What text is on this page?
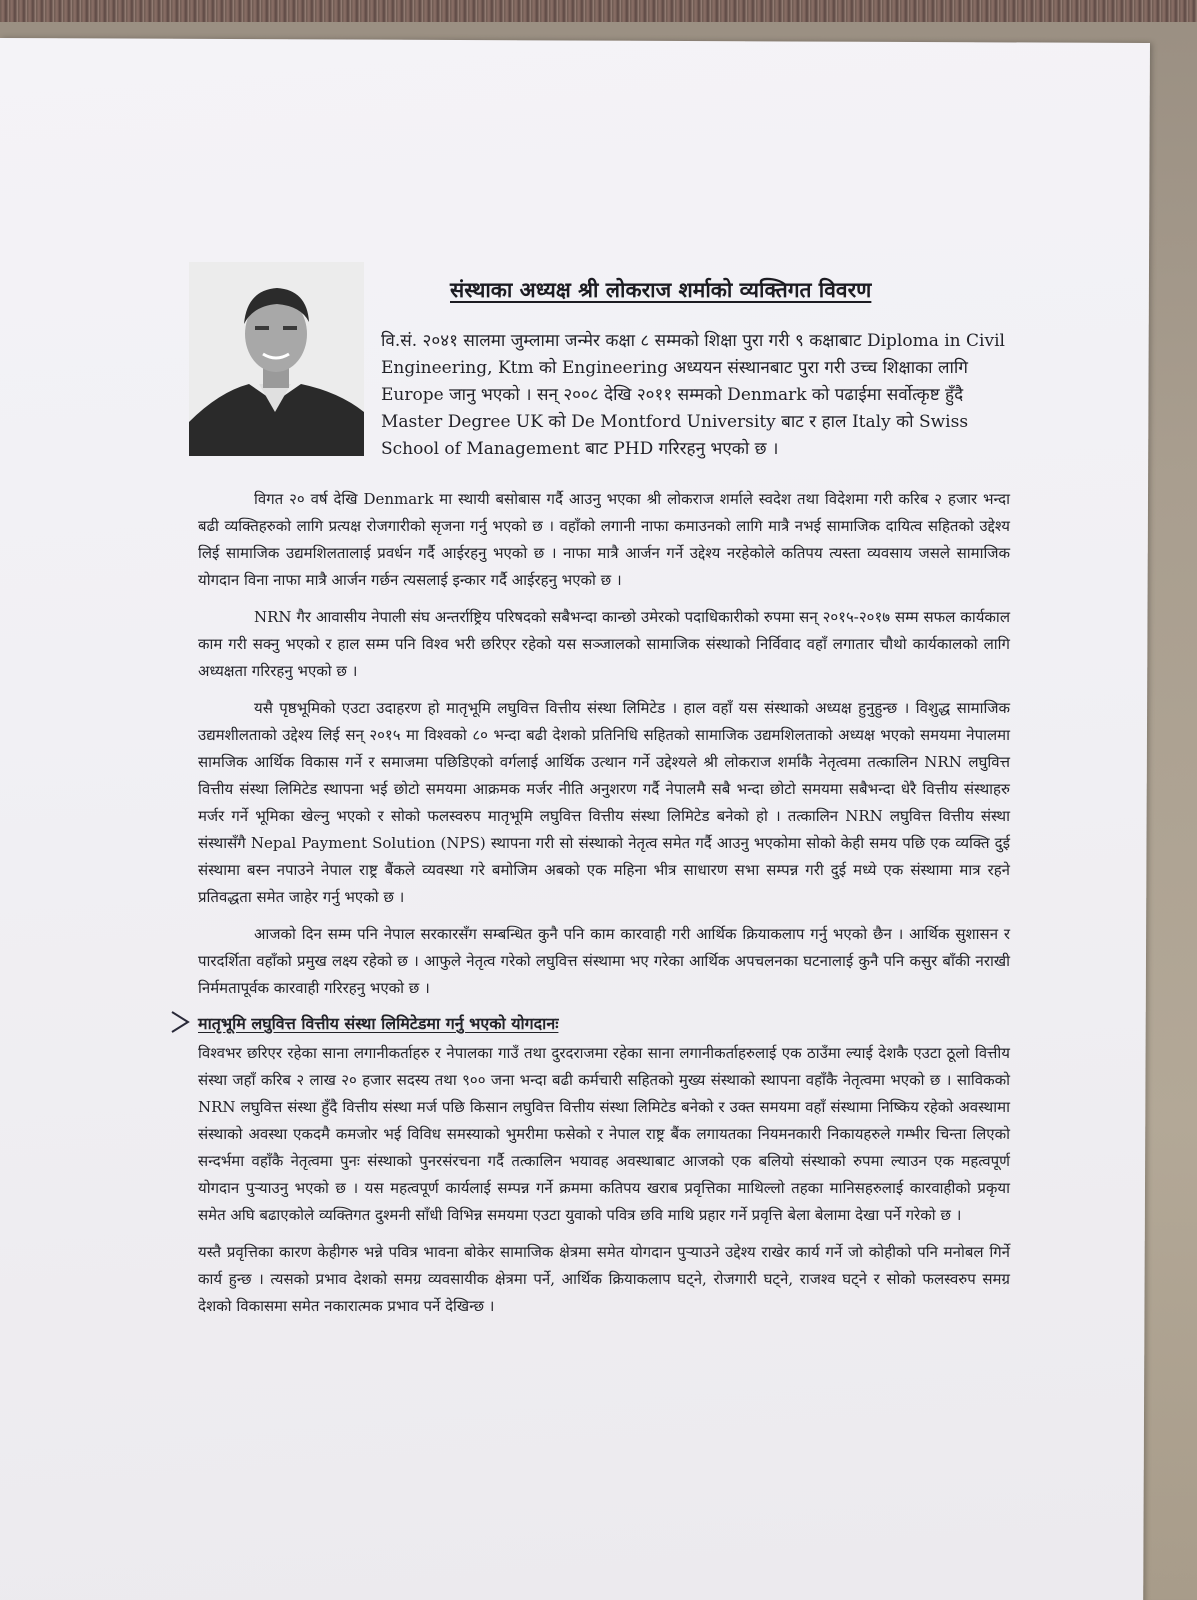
संस्थाका अध्यक्ष श्री लोकराज शर्माको व्यक्तिगत विवरण
वि.सं. २०४१ सालमा जुम्लामा जन्मेर कक्षा ८ सम्मको शिक्षा पुरा गरी ९ कक्षाबाट Diploma in Civil Engineering, Ktm को Engineering अध्ययन संस्थानबाट पुरा गरी उच्च शिक्षाका लागि Europe जानु भएको । सन् २००८ देखि २०११ सम्मको Denmark को पढाईमा सर्वोत्कृष्ट हुँदै Master Degree UK को De Montford University बाट र हाल Italy को Swiss School of Management बाट PHD गरिरहनु भएको छ ।

विगत २० वर्ष देखि Denmark मा स्थायी बसोबास गर्दै आउनु भएका श्री लोकराज शर्माले स्वदेश तथा विदेशमा गरी करिब २ हजार भन्दा बढी व्यक्तिहरुको लागि प्रत्यक्ष रोजगारीको सृजना गर्नु भएको छ । वहाँको लगानी नाफा कमाउनको लागि मात्रै नभई सामाजिक दायित्व सहितको उद्देश्य लिई सामाजिक उद्यमशिलतालाई प्रवर्धन गर्दै आईरहनु भएको छ । नाफा मात्रै आर्जन गर्ने उद्देश्य नरहेकोले कतिपय त्यस्ता व्यवसाय जसले सामाजिक योगदान विना नाफा मात्रै आर्जन गर्छन त्यसलाई इन्कार गर्दै आईरहनु भएको छ ।

NRN गैर आवासीय नेपाली संघ अन्तर्राष्ट्रिय परिषदको सबैभन्दा कान्छो उमेरको पदाधिकारीको रुपमा सन् २०१५-२०१७ सम्म सफल कार्यकाल काम गरी सक्नु भएको र हाल सम्म पनि विश्व भरी छरिएर रहेको यस सञ्जालको सामाजिक संस्थाको निर्विवाद वहाँ लगातार चौथो कार्यकालको लागि अध्यक्षता गरिरहनु भएको छ ।

यसै पृष्ठभूमिको एउटा उदाहरण हो मातृभूमि लघुवित्त वित्तीय संस्था लिमिटेड । हाल वहाँ यस संस्थाको अध्यक्ष हुनुहुन्छ । विशुद्ध सामाजिक उद्यमशीलताको उद्देश्य लिई सन् २०१५ मा विश्वको ८० भन्दा बढी देशको प्रतिनिधि सहितको सामाजिक उद्यमशिलताको अध्यक्ष भएको समयमा नेपालमा सामजिक आर्थिक विकास गर्ने र समाजमा पछिडिएको वर्गलाई आर्थिक उत्थान गर्ने उद्देश्यले श्री लोकराज शर्माकै नेतृत्वमा तत्कालिन NRN लघुवित्त वित्तीय संस्था लिमिटेड स्थापना भई छोटो समयमा आक्रमक मर्जर नीति अनुशरण गर्दै नेपालमै सबै भन्दा छोटो समयमा सबैभन्दा धेरै वित्तीय संस्थाहरु मर्जर गर्ने भूमिका खेल्नु भएको र सोको फलस्वरुप मातृभूमि लघुवित्त वित्तीय संस्था लिमिटेड बनेको हो । तत्कालिन NRN लघुवित्त वित्तीय संस्था संस्थासँगै Nepal Payment Solution (NPS) स्थापना गरी सो संस्थाको नेतृत्व समेत गर्दै आउनु भएकोमा सोको केही समय पछि एक व्यक्ति दुई संस्थामा बस्न नपाउने नेपाल राष्ट्र बैंकले व्यवस्था गरे बमोजिम अबको एक महिना भीत्र साधारण सभा सम्पन्न गरी दुई मध्ये एक संस्थामा मात्र रहने प्रतिवद्धता समेत जाहेर गर्नु भएको छ ।

आजको दिन सम्म पनि नेपाल सरकारसँग सम्बन्धित कुनै पनि काम कारवाही गरी आर्थिक क्रियाकलाप गर्नु भएको छैन । आर्थिक सुशासन र पारदर्शिता वहाँको प्रमुख लक्ष्य रहेको छ । आफुले नेतृत्व गरेको लघुवित्त संस्थामा भए गरेका आर्थिक अपचलनका घटनालाई कुनै पनि कसुर बाँकी नराखी निर्ममतापूर्वक कारवाही गरिरहनु भएको छ ।

मातृभूमि लघुवित्त वित्तीय संस्था लिमिटेडमा गर्नु भएको योगदानः

विश्वभर छरिएर रहेका साना लगानीकर्ताहरु र नेपालका गाउँ तथा दुरदराजमा रहेका साना लगानीकर्ताहरुलाई एक ठाउँमा ल्याई देशकै एउटा ठूलो वित्तीय संस्था जहाँ करिब २ लाख २० हजार सदस्य तथा ९०० जना भन्दा बढी कर्मचारी सहितको मुख्य संस्थाको स्थापना वहाँकै नेतृत्वमा भएको छ । साविकको NRN लघुवित्त संस्था हुँदै वित्तीय संस्था मर्ज पछि किसान लघुवित्त वित्तीय संस्था लिमिटेड बनेको र उक्त समयमा वहाँ संस्थामा निष्किय रहेको अवस्थामा संस्थाको अवस्था एकदमै कमजोर भई विविध समस्याको भुमरीमा फसेको र नेपाल राष्ट्र बैंक लगायतका नियमनकारी निकायहरुले गम्भीर चिन्ता लिएको सन्दर्भमा वहाँकै नेतृत्वमा पुनः संस्थाको पुनरसंरचना गर्दै तत्कालिन भयावह अवस्थाबाट आजको एक बलियो संस्थाको रुपमा ल्याउन एक महत्वपूर्ण योगदान पुर्‍याउनु भएको छ । यस महत्वपूर्ण कार्यलाई सम्पन्न गर्ने क्रममा कतिपय खराब प्रवृत्तिका माथिल्लो तहका मानिसहरुलाई कारवाहीको प्रकृया समेत अघि बढाएकोले व्यक्तिगत दुश्मनी साँधी विभिन्न समयमा एउटा युवाको पवित्र छवि माथि प्रहार गर्ने प्रवृत्ति बेला बेलामा देखा पर्ने गरेको छ ।

यस्तै प्रवृत्तिका कारण केहीगरु भन्ने पवित्र भावना बोकेर सामाजिक क्षेत्रमा समेत योगदान पुर्‍याउने उद्देश्य राखेर कार्य गर्ने जो कोहीको पनि मनोबल गिर्ने कार्य हुन्छ । त्यसको प्रभाव देशको समग्र व्यवसायीक क्षेत्रमा पर्ने, आर्थिक क्रियाकलाप घट्ने, रोजगारी घट्ने, राजश्व घट्ने र सोको फलस्वरुप समग्र देशको विकासमा समेत नकारात्मक प्रभाव पर्ने देखिन्छ ।
